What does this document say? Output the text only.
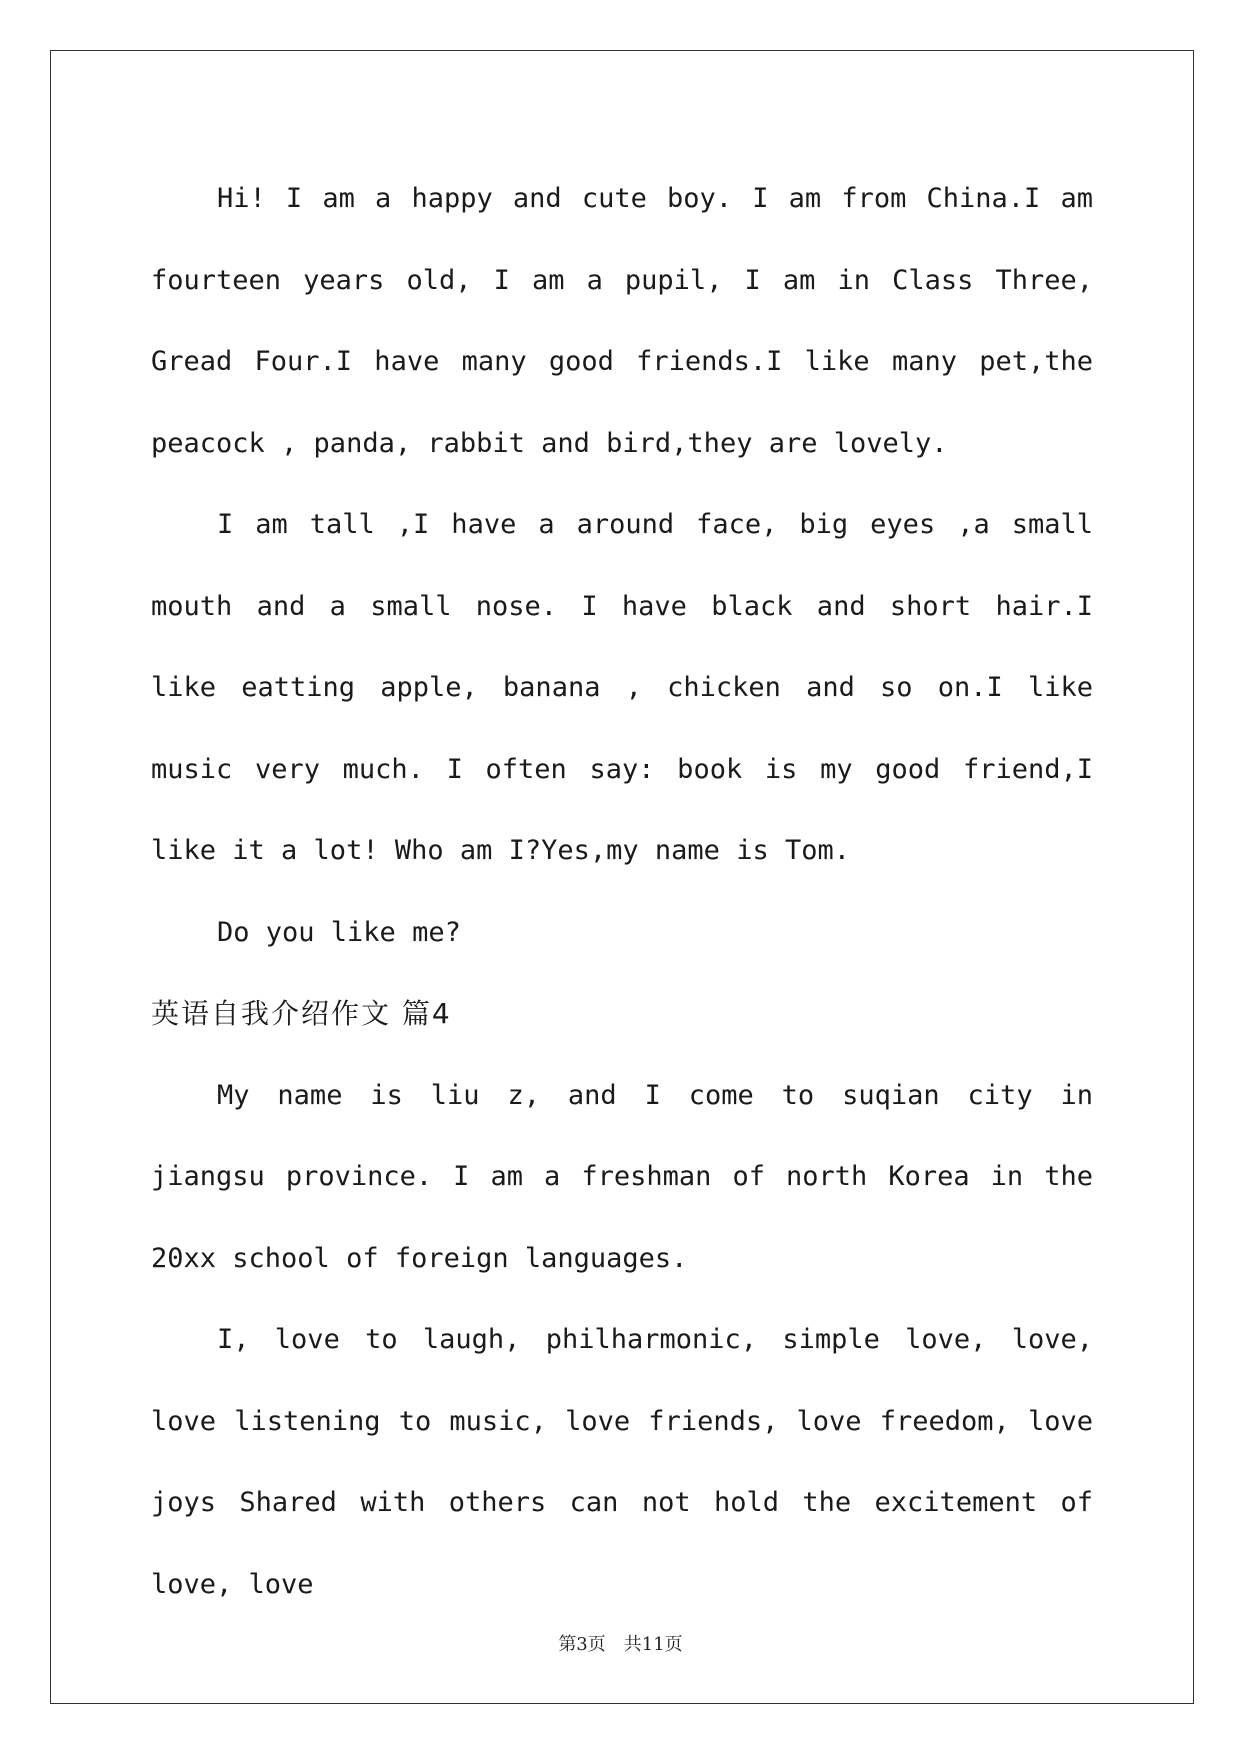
Hi! I am a happy and cute boy. I am from China.I am fourteen years old, I am a pupil, I am in Class Three, Gread Four.I have many good friends.I like many pet,the peacock , panda, rabbit and bird,they are lovely.

I am tall ,I have a around face, big eyes ,a small mouth and a small nose. I have black and short hair.I like eatting apple, banana , chicken and so on.I like music very much. I often say: book is my good friend,I like it a lot! Who am I?Yes,my name is Tom.

Do you like me?

英语自我介绍作文 篇4

My name is liu z, and I come to suqian city in jiangsu province. I am a freshman of north Korea in the 20xx school of foreign languages.

I, love to laugh, philharmonic, simple love, love, love listening to music, love friends, love freedom, love joys Shared with others can not hold the excitement of love, love

第3页 共11页
